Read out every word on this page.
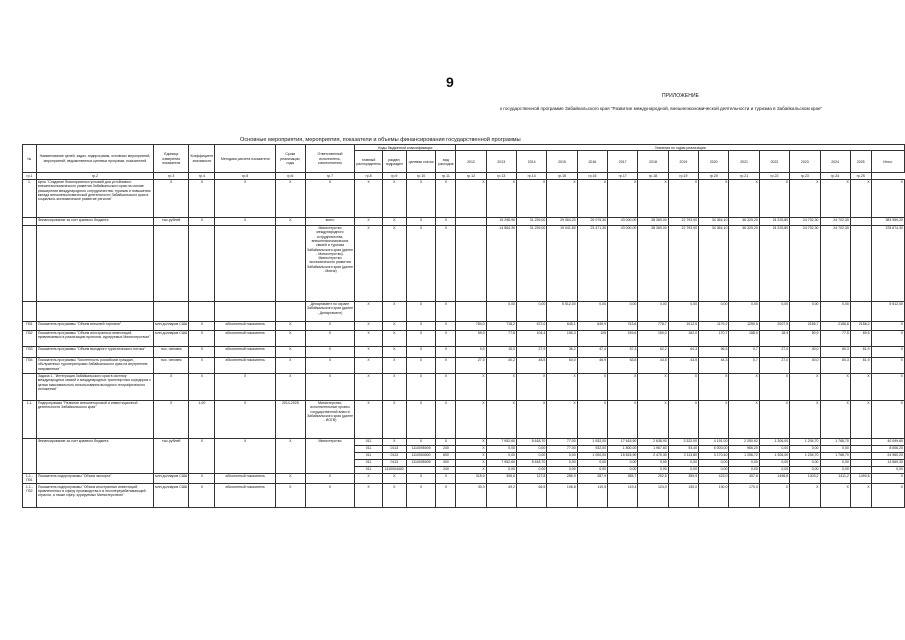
9
ПРИЛОЖЕНИЕ
к государственной программе Забайкальского края "Развитие международной, внешнеэкономической деятельности и туризма в Забайкальском крае"
Основные мероприятия, мероприятия, показатели и объемы финансирования государственной программы
№	Наименование целей, задач, подпрограмм, основных мероприятий, мероприятий, ведомственных целевых программ, показателей	Единица измерения показателя	Коэффициент значимости	Методика расчета показателя	Сроки реализации, годы	Ответственный исполнитель, соисполнитель	Коды бюджетной классификации				Значения по годам реализации														
							главный распорядитель	раздел, подраздел	целевая статья	вид расходов	2012	2013	2014	2015	2016	2017	2018	2019	2020	2021	2022	2023	2024	2025	Итого
гр.1	гр.2	гр.3	гр.4	гр.5	гр.6	гр.7	гр.8	гр.9	гр.10	гр.11	гр.12	гр.13	гр.14	гр.15	гр.16	гр.17	гр.18	гр.19	гр.20	гр.21	гр.22	гр.23	гр.24	гр.25	
1.	Цель "Создание благоприятных условий для устойчивого внешнеэкономического развития Забайкальского края на основе расширения международного сотрудничества, туризма и повышения вклада внешнеэкономической деятельности Забайкальского края в социально-экономическое развитие региона"	Х	Х	Х	Х	Х	Х	Х	Х	Х	Х	Х	Х	Х	Х	Х	Х	Х	Х	Х	Х	Х	Х	Х	Х
	Финансирование за счет краевого бюджета	тыс.рублей	Х	Х	Х	всего	Х	Х	Х	Х		15 298,90	31 239,00	29 064,20	29 075,30	43 000,00	38 369,00	22 793,90	34 364,10	46 325,20	24 225,80	24 702,30	24 702,30		383 959,20
						Министерство международного сотрудничества, внешнеэкономических связей и туризма Забайкальского края (далее - Министерство). Министерство экономического развития Забайкальского края (далее - Минэк)	Х	Х	Х	Х		14 564,30	31 239,00	19 041,80	23 471,30	43 000,00	38 369,00	22 793,90	34 364,10	46 325,20	24 225,80	24 702,30	24 702,30		378 674,30
						Департамент по охране Забайкальского края (далее - Департамент)	Х	Х	Х	Х		0,00	0,00	5 512,00	0,00	0,00	0,00	0,00	0,00	0,00	0,00	0,00	0,00		5 512,00
П01	Показатель программы "Объем внешней торговли"	млн долларов США	Х	абсолютный показатель	Х	Х	Х	Х	Х	Х	784,0	718,2	672,0	645,1	649,9	743,6	778,7	1012,5	1179,2	1250,5	2007,5	2156,7	2156,8	2156,2	Х
П02	Показатель программы "Объем иностранных инвестиций, привлекаемых в реализацию проектов, курируемых Министерством"	млн долларов США	Х	абсолютный показатель	Х	Х	Х	Х	Х	Х	59,0	77,6	104,4	156,3	105	159,6	150,0	162,0	170,7	188,0	18,9	50,9	77,5	89,5	Х
П03	Показатель программы "Объем въездного туристического потока"	тыс. человек	Х	абсолютный показатель	Х	Х	Х	Х	Х	Х	9,9	15,0	27,9	36,2	47,4	57,3	62,2	64,3	96,5	0,7	27,0	40,0	60,3	61,9	Х
П04	Показатель программы "Численность российских граждан, обслуженных туроператорами Забайкальского края на внутреннем направлении"	тыс. человек	Х	абсолютный показатель	Х	Х	Х	Х	Х	Х	27,0	40,2	48,5	64,0	46,9	63,5	43,5	43,5	44,3	0,7	27,0	40,0	60,3	61,9	Х
	Задача 1. "Интеграция Забайкальского края в систему международных связей и международных транспортных коридоров с целью максимального использования выгодного географического положения"	Х	Х	Х	Х	Х	Х	Х	Х	Х	Х	Х	Х	Х	Х	Х	Х	Х	Х	Х	Х	Х	Х	Х	Х
1.1.	Подпрограмма "Развитие внешнеторговой и инвестиционной деятельности Забайкальского края"	Х	1,00	Х	2014-2025	Министерство; исполнительные органы государственной власти Забайкальского края (далее - ИОГВ)	Х	Х	Х	Х	Х	Х	Х	Х	Х	Х	Х	Х	Х	Х	Х	Х	Х	Х	Х
	Финансирование за счет краевого бюджета	тыс.рублей	Х	Х	Х	Министерство	011	Х	Х	Х	Х	7 952,60	5 618,70	77,00	1 932,00	17 615,90	2 638,90	3 322,00	4 191,00	2 250,92	1 306,00	1 204,70	1 768,70		40 099,60
							011	0113	1110095005	240	Х	0,00	0,00	77,00	932,00	1 800,00	1 967,60	93,40	6 000,00	966,20	0,00	0,00	0,00		8 606,20
							011	0113	1110004000	600	Х	0,00	0,00	0,00	1 000,00	15 815,90	2 470,30	2 113,80	3 170,40	1 256,72	1 306,00	1 204,70	1 768,70		24 960,20
							011	0113	1110095005	300	Х	7 952,60	5 618,70	0,00	0,00	0,00	0,00	0,00	0,00	0,00	0,00	0,00	0,00		13 569,30
							011	1110004400		240	Х	0,00	0,00	0,00	0,00	0,00	0,00	0,00	0,00	0,00	0,00	0,00	0,00		0,00
1.1.-П01	Показатель подпрограммы "Объем экспорта"	млн долларов США	Х	абсолютный показатель	Х	Х	Х	Х	Х	Х	315,9	306,6	127,8	285,9	287,9	285,7	292,5	359,9	423,0	457,6	1496,6	1403,2	1411,2	1490,5	Х
1.1.-П02	Показатель подпрограммы "Объем иностранных инвестиций, привлеченных в сферу производства и в лесоперерабатывающей отрасли, а также сфер, курируемых Министерством"	млн долларов США	Х	абсолютный показатель	Х	Х	Х	Х	Х	Х	30,0	49,2	66,5	106,8	110,5	119,4	124,0	130,0	130,0	170,0	Х	Х	Х	Х	Х
